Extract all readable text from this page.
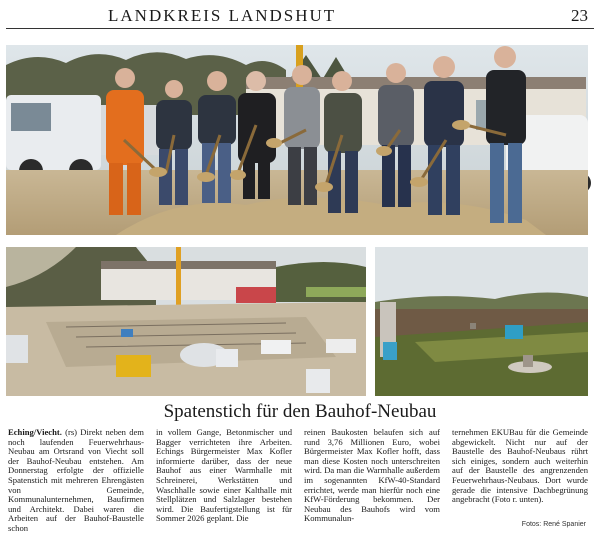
LANDKREIS LANDSHUT	23
Spatenstich für den Bauhof-Neubau
Eching/Viecht. (rs) Direkt neben dem noch laufenden Feuerwehrhaus-Neubau am Ortsrand von Viecht soll der Bauhof-Neubau entstehen. Am Donnerstag erfolgte der offizielle Spatenstich mit mehreren Ehrengästen von Gemeinde, Kommunalunternehmen, Baufirmen und Architekt. Dabei waren die Arbeiten auf der Bauhof-Baustelle schon
in vollem Gange, Betonmischer und Bagger verrichteten ihre Arbeiten. Echings Bürgermeister Max Kofler informierte darüber, dass der neue Bauhof aus einer Warmhalle mit Schreinerei, Werkstätten und Waschhalle sowie einer Kalthalle mit Stellplätzen und Salzlager bestehen wird. Die Baufertigstellung ist für Sommer 2026 geplant. Die
reinen Baukosten belaufen sich auf rund 3,76 Millionen Euro, wobei Bürgermeister Max Kofler hofft, dass man diese Kosten noch unterschreiten wird. Da man die Warmhalle außerdem im sogenannten KfW-40-Standard errichtet, werde man hierfür noch eine KfW-Förderung bekommen. Der Neubau des Bauhofs wird vom Kommunalun-
ternehmen EKUBau für die Gemeinde abgewickelt. Nicht nur auf der Baustelle des Bauhof-Neubaus rührt sich einiges, sondern auch weiterhin auf der Baustelle des angrenzenden Feuerwehrhaus-Neubaus. Dort wurde gerade die intensive Dachbegrünung angebracht (Foto r. unten).
Fotos: René Spanier
